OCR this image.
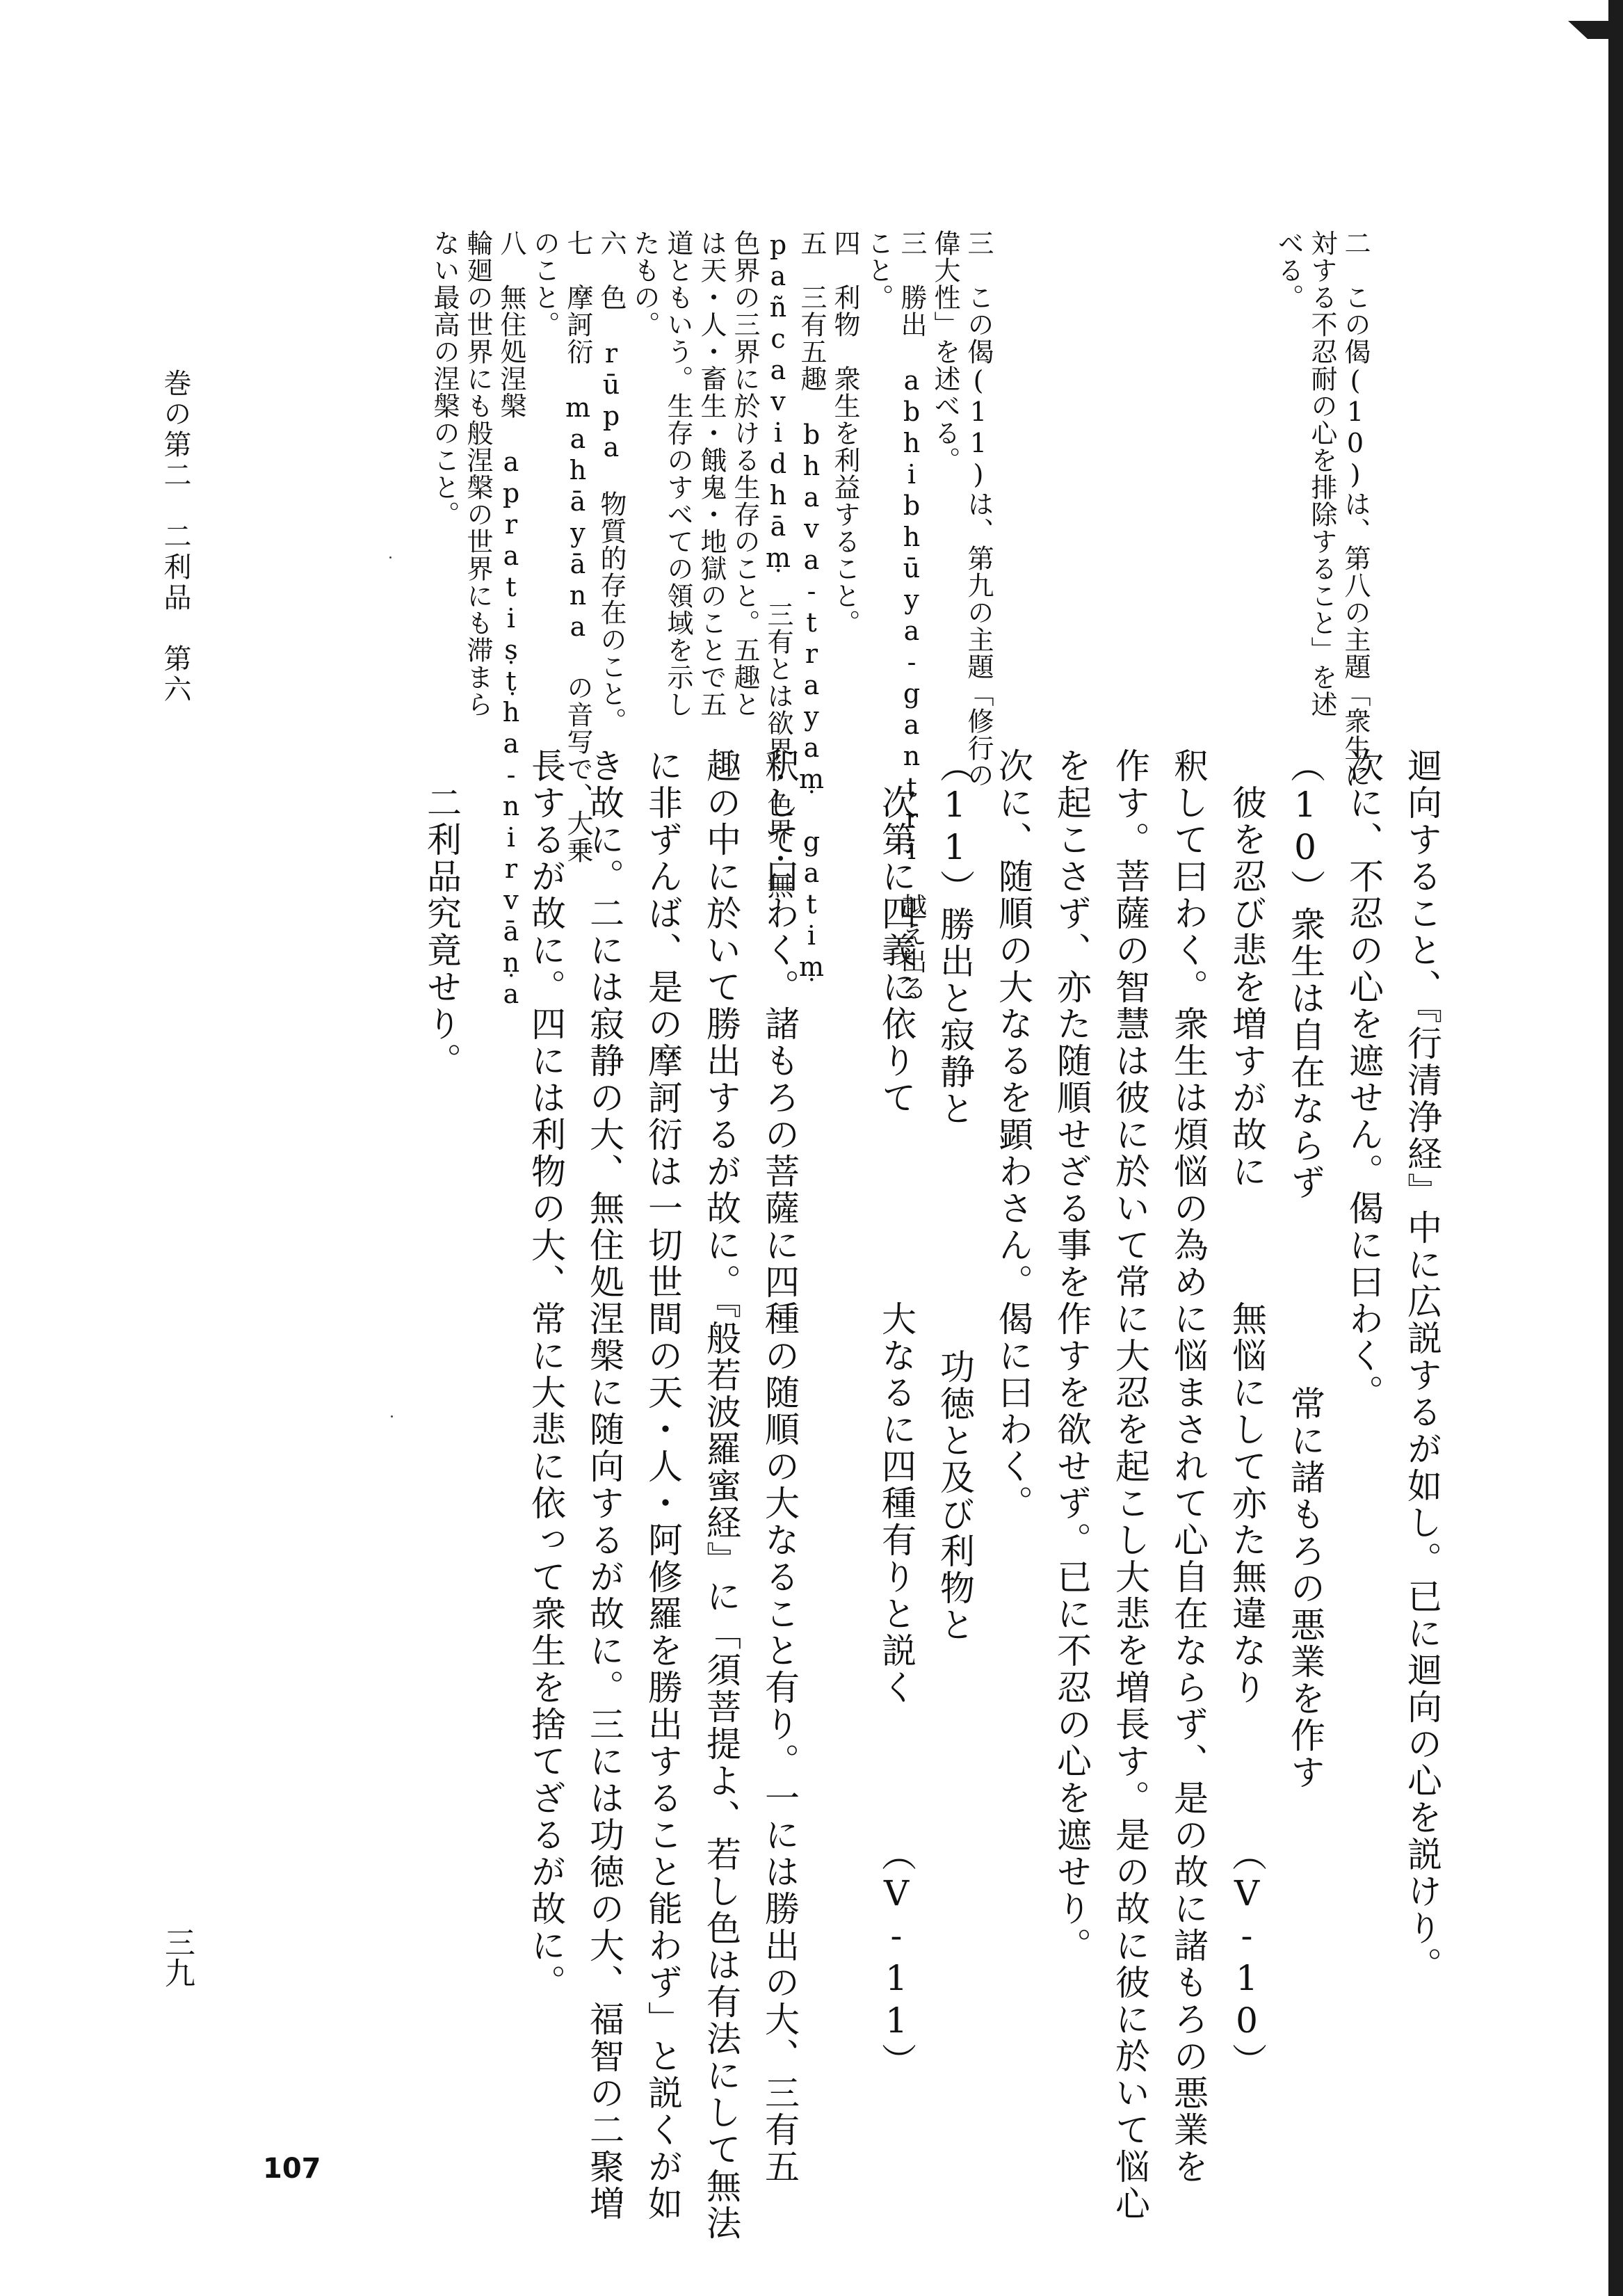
二　この偈(10)は、第八の主題「衆生に
対する不忍耐の心を排除すること」を述
べる。
三　この偈(11)は、第九の主題「修行の
偉大性」を述べる。
三　勝出　abhibhūya-gantrī　越え出る
こと。
四　利物　衆生を利益すること。
五　三有五趣　bhava-trayaṃ gatiṃ
pañcavidhāṃ　三有とは欲界・色界・無
色界の三界に於ける生存のこと。五趣と
は天・人・畜生・餓鬼・地獄のことで五
道ともいう。生存のすべての領域を示し
たもの。
六　色　rūpa　物質的存在のこと。
七　摩訶衍　mahāyāna の音写で、大乗
のこと。
八　無住処涅槃　apratiṣṭha-nirvāṇa
輪廻の世界にも般涅槃の世界にも滞まら
ない最高の涅槃のこと。
迴向すること、『行清浄経』中に広説するが如し。已に迴向の心を説けり。
次に、不忍の心を遮せん。偈に曰わく。
（10）衆生は自在ならず　　　　　常に諸もろの悪業を作す
　彼を忍び悲を増すが故に　　　無悩にして亦た無違なり　　　　（V-10）
釈して曰わく。衆生は煩悩の為めに悩まされて心自在ならず、是の故に諸もろの悪業を
作す。菩薩の智慧は彼に於いて常に大忍を起こし大悲を増長す。是の故に彼に於いて悩心
を起こさず、亦た随順せざる事を作すを欲せず。已に不忍の心を遮せり。
次に、随順の大なるを顕わさん。偈に曰わく。
（11）勝出と寂静と　　　　　　功徳と及び利物と
　次第に四義に依りて　　　　　大なるに四種有りと説く　　　　（V-11）
釈して曰わく。諸もろの菩薩に四種の随順の大なること有り。一には勝出の大、三有五
趣の中に於いて勝出するが故に。『般若波羅蜜経』に「須菩提よ、若し色は有法にして無法
に非ずんば、是の摩訶衍は一切世間の天・人・阿修羅を勝出すること能わず」と説くが如
き故に。二には寂静の大、無住処涅槃に随向するが故に。三には功徳の大、福智の二聚増
長するが故に。四には利物の大、常に大悲に依って衆生を捨てざるが故に。
　二利品究竟せり。
巻の第二　二利品　第六
三九
107
